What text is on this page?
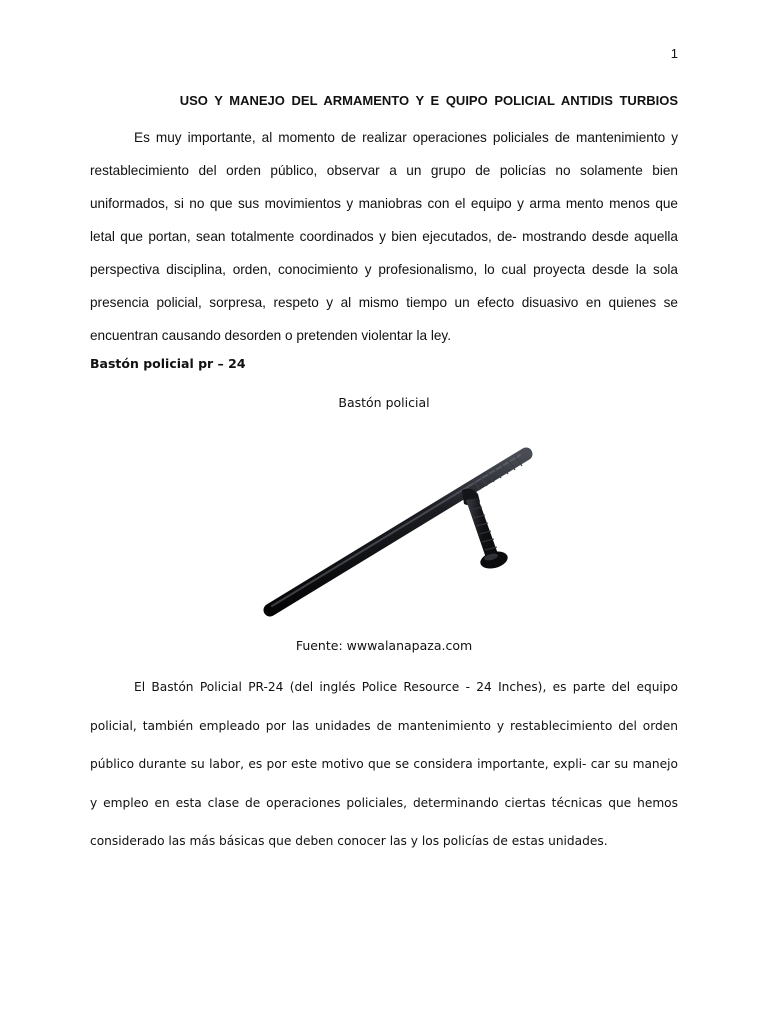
1
USO Y MANEJO DEL ARMAMENTO Y E QUIPO POLICIAL ANTIDIS TURBIOS

Es muy importante, al momento de realizar operaciones policiales de mantenimiento y restablecimiento del orden público, observar a un grupo de policías no solamente bien uniformados, si no que sus movimientos y maniobras con el equipo y arma mento menos que letal que portan, sean totalmente coordinados y bien ejecutados, de- mostrando desde aquella perspectiva disciplina, orden, conocimiento y profesionalismo, lo cual proyecta desde la sola presencia policial, sorpresa, respeto y al mismo tiempo un efecto disuasivo en quienes se encuentran causando desorden o pretenden violentar la ley.

Bastón policial pr – 24
Bastón policial
Fuente: wwwalanapaza.com

El Bastón Policial PR-24 (del inglés Police Resource - 24 Inches), es parte del equipo policial, también empleado por las unidades de mantenimiento y restablecimiento del orden público durante su labor, es por este motivo que se considera importante, expli- car su manejo y empleo en esta clase de operaciones policiales, determinando ciertas técnicas que hemos considerado las más básicas que deben conocer las y los policías de estas unidades.
